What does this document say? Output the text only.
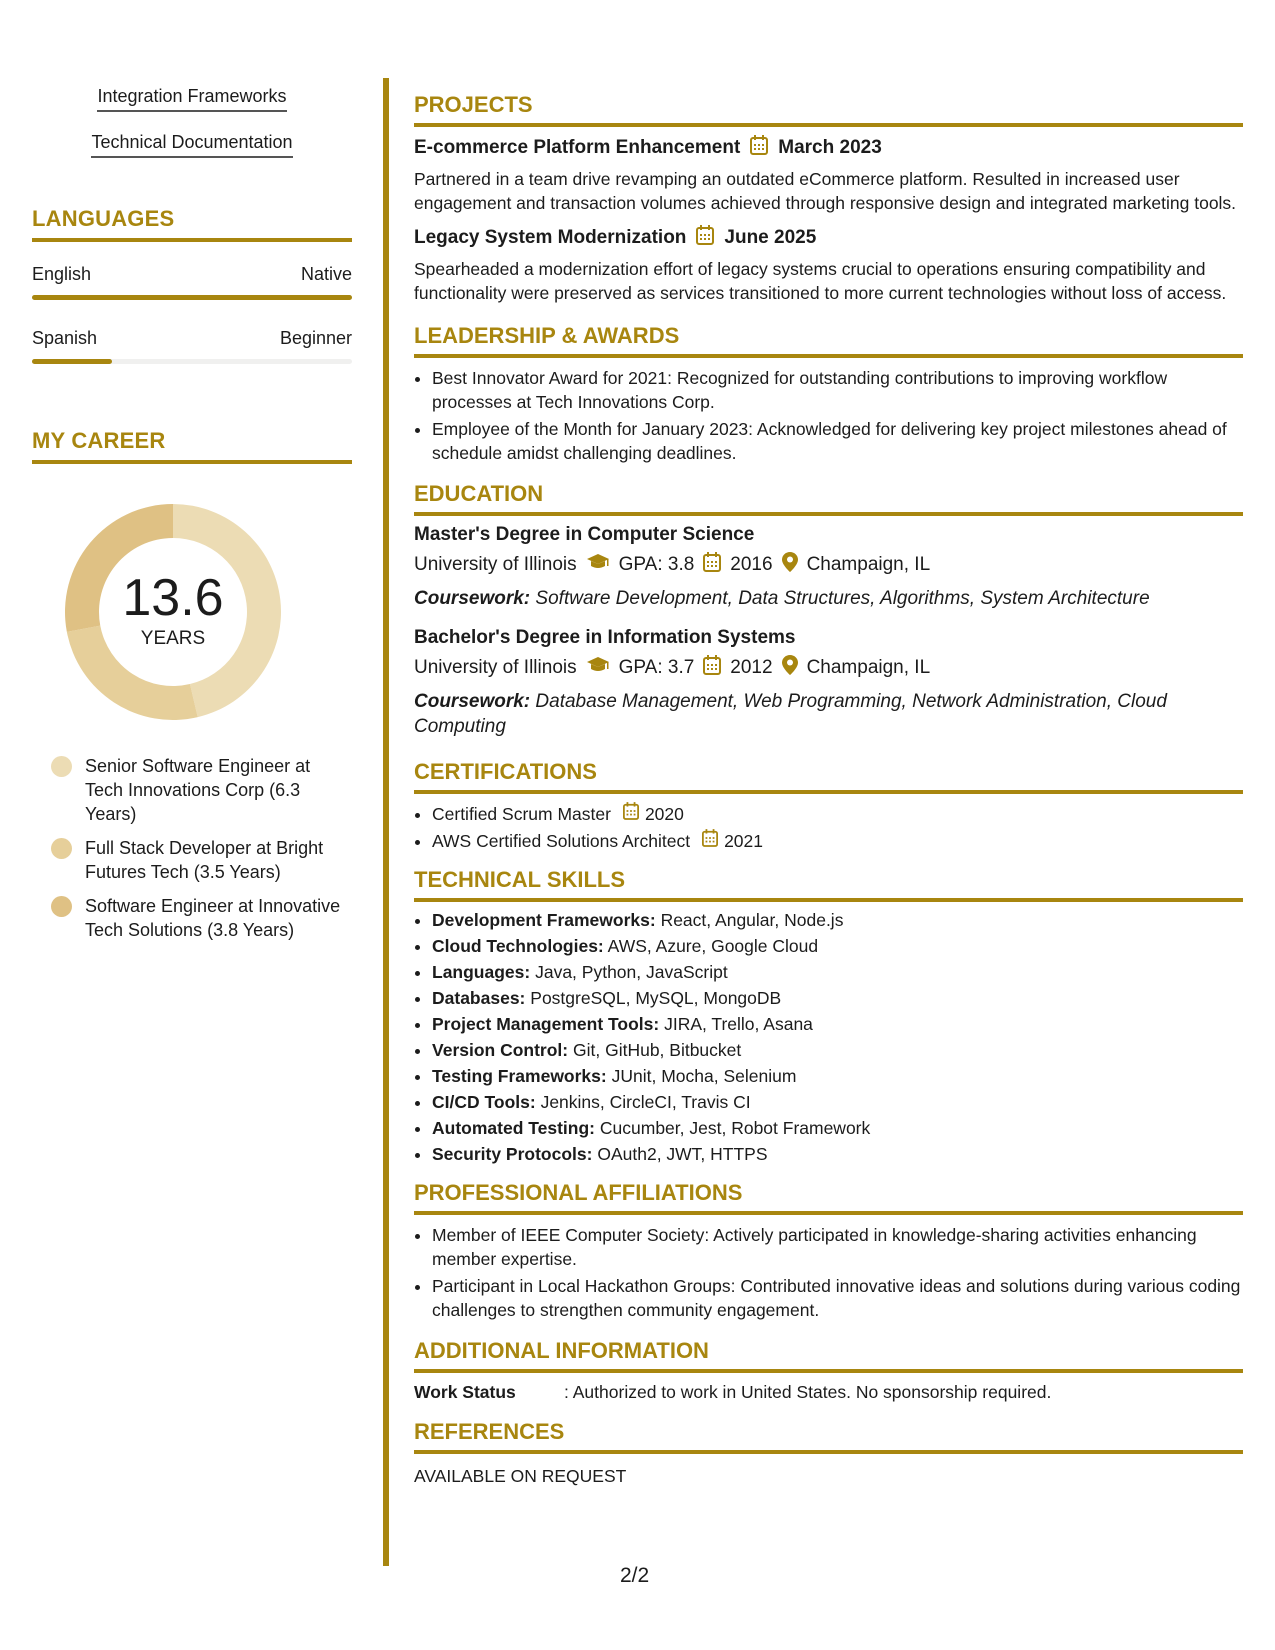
Integration Frameworks
Technical Documentation
LANGUAGES
English	Native
Spanish	Beginner
MY CAREER
13.6
YEARS
Senior Software Engineer at Tech Innovations Corp (6.3 Years)
Full Stack Developer at Bright Futures Tech (3.5 Years)
Software Engineer at Innovative Tech Solutions (3.8 Years)
PROJECTS
E-commerce Platform Enhancement March 2023
Partnered in a team drive revamping an outdated eCommerce platform. Resulted in increased user engagement and transaction volumes achieved through responsive design and integrated marketing tools.
Legacy System Modernization June 2025
Spearheaded a modernization effort of legacy systems crucial to operations ensuring compatibility and functionality were preserved as services transitioned to more current technologies without loss of access.
LEADERSHIP & AWARDS
• Best Innovator Award for 2021: Recognized for outstanding contributions to improving workflow processes at Tech Innovations Corp.
• Employee of the Month for January 2023: Acknowledged for delivering key project milestones ahead of schedule amidst challenging deadlines.
EDUCATION
Master's Degree in Computer Science
University of Illinois GPA: 3.8 2016 Champaign, IL
Coursework: Software Development, Data Structures, Algorithms, System Architecture
Bachelor's Degree in Information Systems
University of Illinois GPA: 3.7 2012 Champaign, IL
Coursework: Database Management, Web Programming, Network Administration, Cloud Computing
CERTIFICATIONS
• Certified Scrum Master 2020
• AWS Certified Solutions Architect 2021
TECHNICAL SKILLS
• Development Frameworks: React, Angular, Node.js
• Cloud Technologies: AWS, Azure, Google Cloud
• Languages: Java, Python, JavaScript
• Databases: PostgreSQL, MySQL, MongoDB
• Project Management Tools: JIRA, Trello, Asana
• Version Control: Git, GitHub, Bitbucket
• Testing Frameworks: JUnit, Mocha, Selenium
• CI/CD Tools: Jenkins, CircleCI, Travis CI
• Automated Testing: Cucumber, Jest, Robot Framework
• Security Protocols: OAuth2, JWT, HTTPS
PROFESSIONAL AFFILIATIONS
• Member of IEEE Computer Society: Actively participated in knowledge-sharing activities enhancing member expertise.
• Participant in Local Hackathon Groups: Contributed innovative ideas and solutions during various coding challenges to strengthen community engagement.
ADDITIONAL INFORMATION
Work Status	: Authorized to work in United States. No sponsorship required.
REFERENCES
AVAILABLE ON REQUEST
2/2
